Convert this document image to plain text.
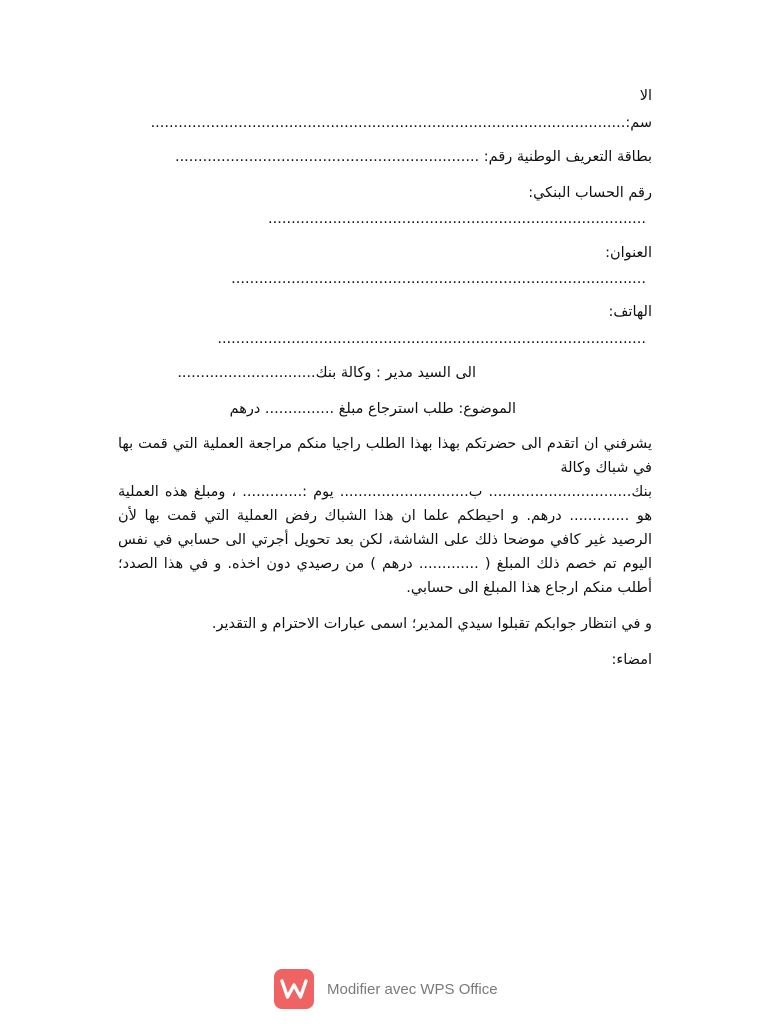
الا
سم:.......................................................................................................
بطاقة التعريف الوطنية رقم: ..................................................................
رقم الحساب البنكي:
..................................................................................
العنوان:
..........................................................................................
الهاتف:
.............................................................................................
الى السيد مدير : وكالة بنك..............................
الموضوع: طلب استرجاع مبلغ ............... درهم

يشرفني ان اتقدم الى حضرتكم بهذا بهذا الطلب راجيا منكم مراجعة العملية التي قمت بها في شباك وكالة

بنك............................... ب............................ يوم :............. ، ومبلغ هذه العملية هو ............. درهم. و احيطكم علما ان هذا الشباك رفض العملية التي قمت بها لأن الرصيد غير كافي موضحا ذلك على الشاشة، لكن بعد تحويل أجرتي الى حسابي في نفس اليوم تم خصم ذلك المبلغ ( ............. درهم ) من رصيدي دون اخذه. و في هذا الصدد؛ أطلب منكم ارجاع هذا المبلغ الى حسابي.

و في انتظار جوابكم تقبلوا سيدي المدير؛ اسمى عبارات الاحترام و التقدير.
امضاء:
Modifier avec WPS Office
